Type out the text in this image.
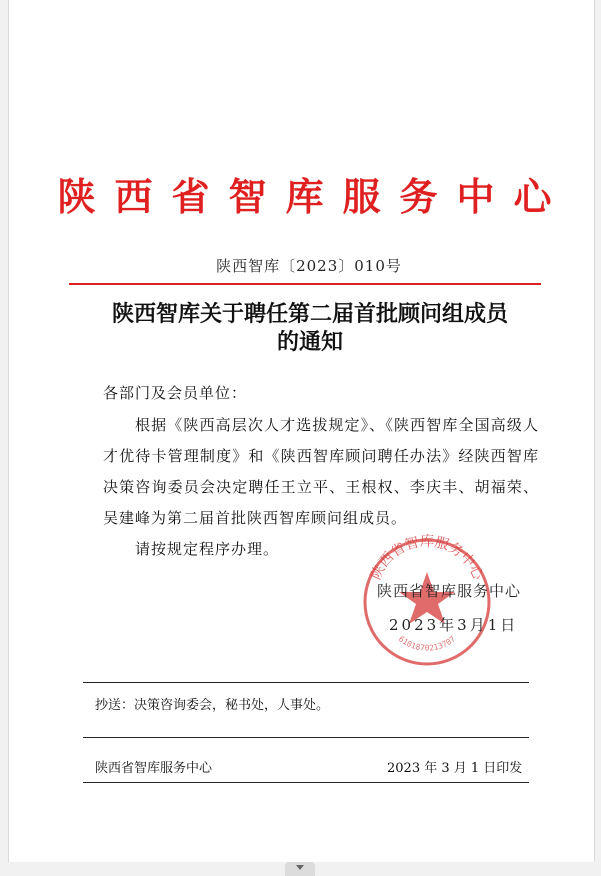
陕西省智库服务中心
陕西智库〔2023〕010号
陕西智库关于聘任第二届首批顾问组成员
的通知
各部门及会员单位：

根据《陕西高层次人才选拔规定》、《陕西智库全国高级人才优待卡管理制度》和《陕西智库顾问聘任办法》经陕西智库决策咨询委员会决定聘任王立平、王根权、李庆丰、胡福荣、吴建峰为第二届首批陕西智库顾问组成员。

请按规定程序办理。

陕西省智库服务中心
6101870213707
陕西省智库服务中心
2023年3月1日
抄送：决策咨询委会，秘书处，人事处。
陕西省智库服务中心	2023 年 3 月 1 日印发
